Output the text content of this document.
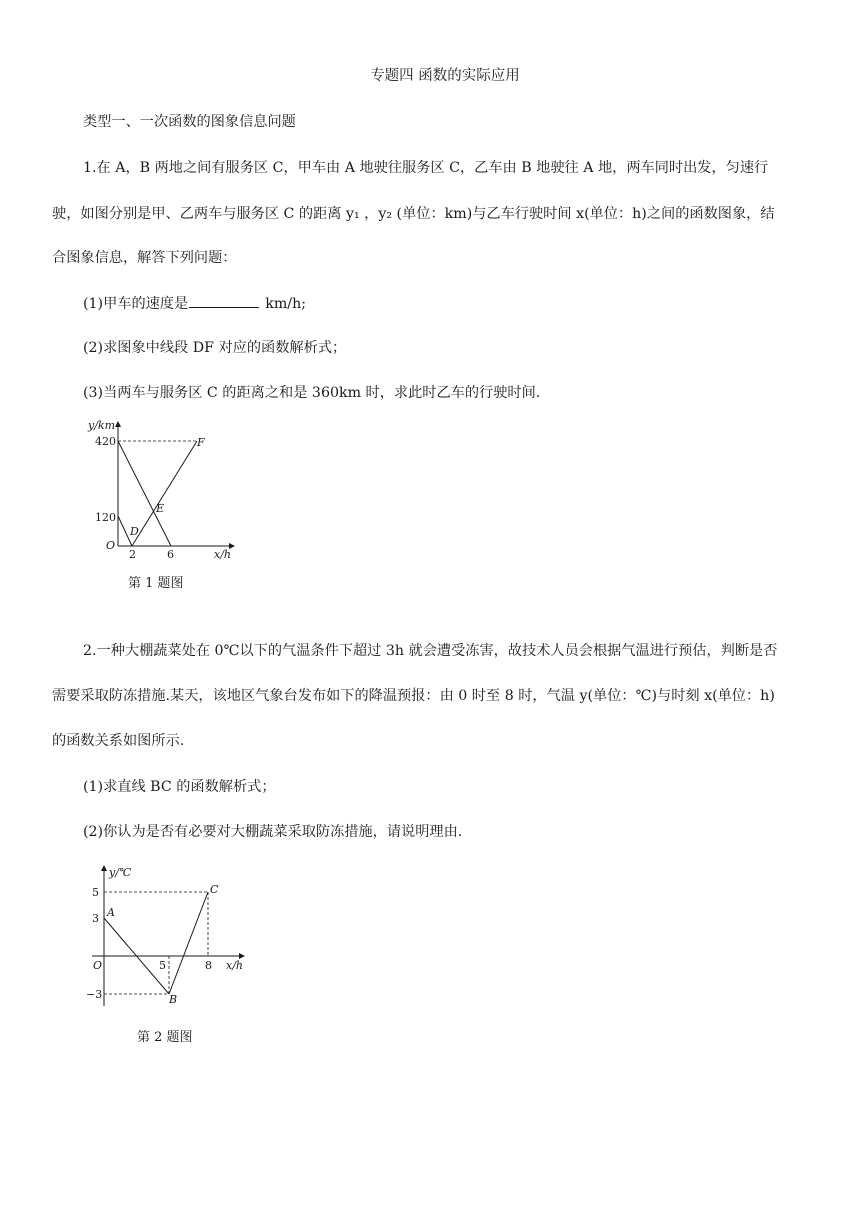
专题四 函数的实际应用
类型一、一次函数的图象信息问题
1.在 A，B 两地之间有服务区 C，甲车由 A 地驶往服务区 C，乙车由 B 地驶往 A 地，两车同时出发，匀速行
驶，如图分别是甲、乙两车与服务区 C 的距离 y₁ ，y₂ (单位：km)与乙车行驶时间 x(单位：h)之间的函数图象，结
合图象信息，解答下列问题：
(1)甲车的速度是	km/h;
(2)求图象中线段 DF 对应的函数解析式；
(3)当两车与服务区 C 的距离之和是 360km 时，求此时乙车的行驶时间.
y/km
420
120
O
2	6	x/h
D
E
F
第 1 题图
2.一种大棚蔬菜处在 0℃以下的气温条件下超过 3h 就会遭受冻害，故技术人员会根据气温进行预估，判断是否
需要采取防冻措施.某天，该地区气象台发布如下的降温预报：由 0 时至 8 时，气温 y(单位：℃)与时刻 x(单位：h)
的函数关系如图所示.
(1)求直线 BC 的函数解析式；
(2)你认为是否有必要对大棚蔬菜采取防冻措施，请说明理由.
y/℃
5
3
−3
O	5	8 x/h
A
B
C
第 2 题图
